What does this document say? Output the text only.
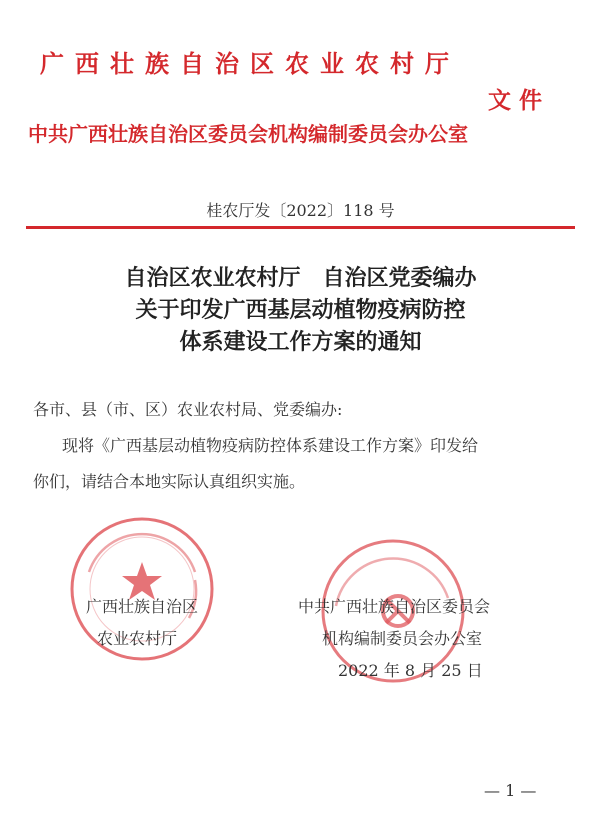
广西壮族自治区农业农村厅
文件
中共广西壮族自治区委员会机构编制委员会办公室
桂农厅发〔2022〕118 号
自治区农业农村厅　自治区党委编办
关于印发广西基层动植物疫病防控
体系建设工作方案的通知
各市、县（市、区）农业农村局、党委编办:
现将《广西基层动植物疫病防控体系建设工作方案》印发给
你们，请结合本地实际认真组织实施。
广西壮族自治区
农业农村厅
中共广西壮族自治区委员会
机构编制委员会办公室
2022 年 8 月 25 日
— 1 —
